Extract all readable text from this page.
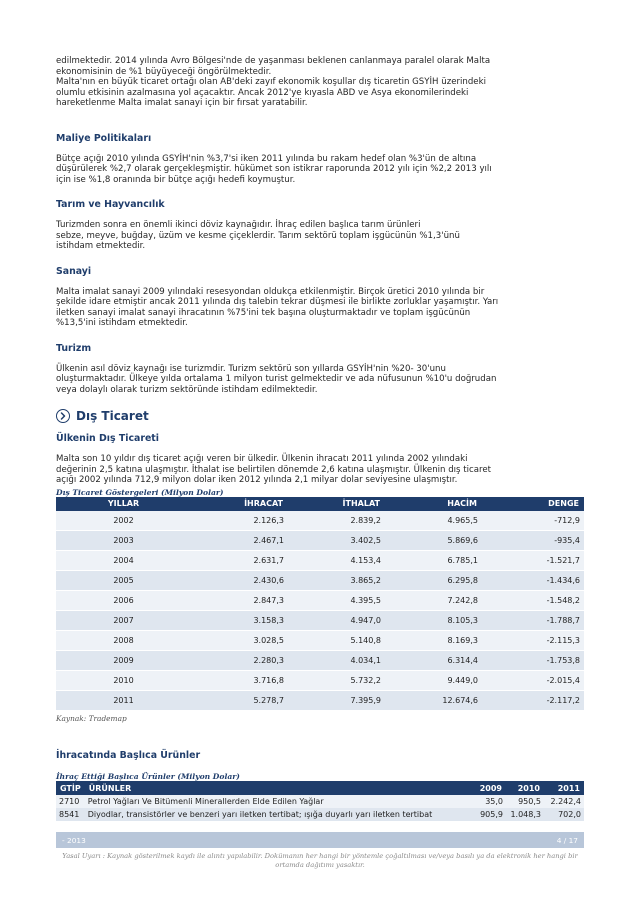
edilmektedir. 2014 yılında Avro Bölgesi'nde de yaşanması beklenen canlanmaya paralel olarak Malta
ekonomisinin de %1 büyüyeceği öngörülmektedir.
Malta'nın en büyük ticaret ortağı olan AB'deki zayıf ekonomik koşullar dış ticaretin GSYİH üzerindeki
olumlu etkisinin azalmasına yol açacaktır. Ancak 2012'ye kıyasla ABD ve Asya ekonomilerindeki
hareketlenme Malta imalat sanayi için bir fırsat yaratabilir.

Maliye Politikaları

Bütçe açığı 2010 yılında GSYİH'nin %3,7'si iken 2011 yılında bu rakam hedef olan %3'ün de altına
düşürülerek %2,7 olarak gerçekleşmiştir. hükümet son istikrar raporunda 2012 yılı için %2,2 2013 yılı
için ise %1,8 oranında bir bütçe açığı hedefi koymuştur.

Tarım ve Hayvancılık

Turizmden sonra en önemli ikinci döviz kaynağıdır. İhraç edilen başlıca tarım ürünleri
sebze, meyve, buğday, üzüm ve kesme çiçeklerdir. Tarım sektörü toplam işgücünün %1,3'ünü
istihdam etmektedir.

Sanayi

Malta imalat sanayi 2009 yılındaki resesyondan oldukça etkilenmiştir. Birçok üretici 2010 yılında bir
şekilde idare etmiştir ancak 2011 yılında dış talebin tekrar düşmesi ile birlikte zorluklar yaşamıştır. Yarı
iletken sanayi imalat sanayi ihracatının %75'ini tek başına oluşturmaktadır ve toplam işgücünün
%13,5'ini istihdam etmektedir.

Turizm

Ülkenin asıl döviz kaynağı ise turizmdir. Turizm sektörü son yıllarda GSYİH'nin %20- 30'unu
oluşturmaktadır. Ülkeye yılda ortalama 1 milyon turist gelmektedir ve ada nüfusunun %10'u doğrudan
veya dolaylı olarak turizm sektöründe istihdam edilmektedir.

Dış Ticaret
Ülkenin Dış Ticareti

Malta son 10 yıldır dış ticaret açığı veren bir ülkedir. Ülkenin ihracatı 2011 yılında 2002 yılındaki
değerinin 2,5 katına ulaşmıştır. İthalat ise belirtilen dönemde 2,6 katına ulaşmıştır. Ülkenin dış ticaret
açığı 2002 yılında 712,9 milyon dolar iken 2012 yılında 2,1 milyar dolar seviyesine ulaşmıştır.

Dış Ticaret Göstergeleri (Milyon Dolar)
YILLAR	İHRACAT	İTHALAT	HACİM	DENGE
2002	2.126,3	2.839,2	4.965,5	-712,9
2003	2.467,1	3.402,5	5.869,6	-935,4
2004	2.631,7	4.153,4	6.785,1	-1.521,7
2005	2.430,6	3.865,2	6.295,8	-1.434,6
2006	2.847,3	4.395,5	7.242,8	-1.548,2
2007	3.158,3	4.947,0	8.105,3	-1.788,7
2008	3.028,5	5.140,8	8.169,3	-2.115,3
2009	2.280,3	4.034,1	6.314,4	-1.753,8
2010	3.716,8	5.732,2	9.449,0	-2.015,4
2011	5.278,7	7.395,9	12.674,6	-2.117,2
Kaynak: Trademap
İhracatında Başlıca Ürünler
İhraç Ettiği Başlıca Ürünler (Milyon Dolar)
GTİP	ÜRÜNLER	2009	2010	2011
2710	Petrol Yağları Ve Bitümenli Minerallerden Elde Edilen Yağlar	35,0	950,5	2.242,4
8541	Diyodlar, transistörler ve benzeri yarı iletken tertibat; ışığa duyarlı yarı iletken tertibat	905,9	1.048,3	702,0
- 2013	4 / 17
Yasal Uyarı : Kaynak gösterilmek kaydı ile alıntı yapılabilir. Dokümanın her hangi bir yöntemle çoğaltılması ve/veya basılı ya da elektronik her hangi bir ortamda dağıtımı yasaktır.
